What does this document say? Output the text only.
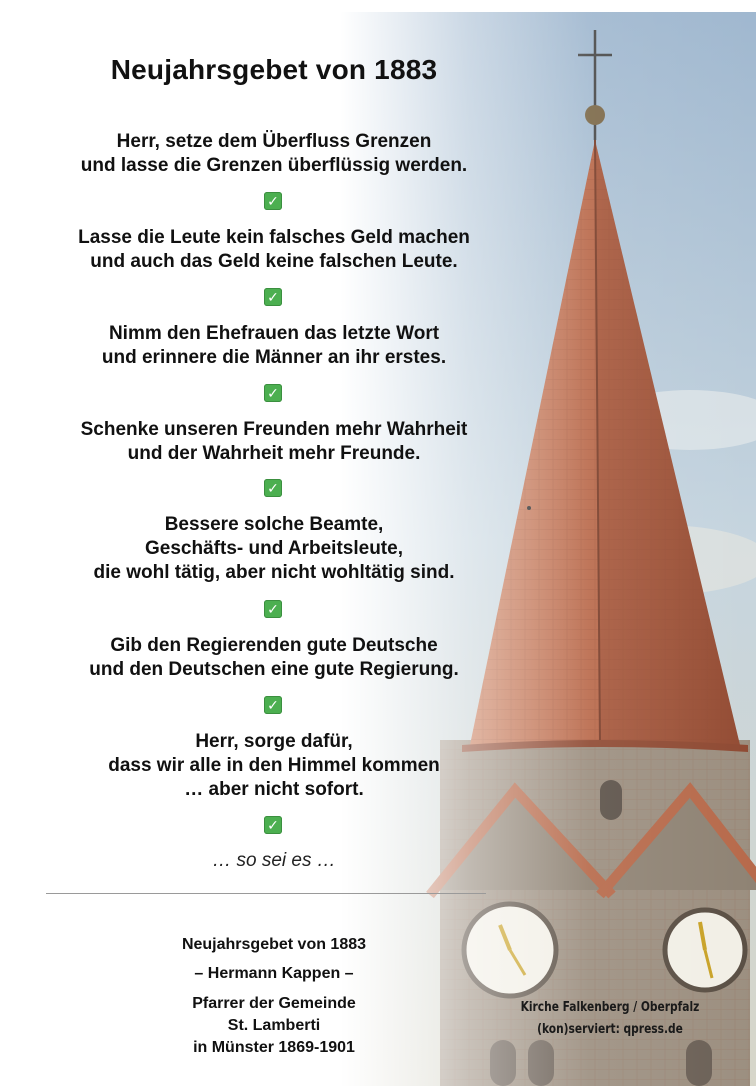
Neujahrsgebet von 1883
Herr, setze dem Überfluss Grenzen
und lasse die Grenzen überflüssig werden.
✓
Lasse die Leute kein falsches Geld machen
und auch das Geld keine falschen Leute.
✓
Nimm den Ehefrauen das letzte Wort
und erinnere die Männer an ihr erstes.
✓
Schenke unseren Freunden mehr Wahrheit
und der Wahrheit mehr Freunde.
✓
Bessere solche Beamte,
Geschäfts- und Arbeitsleute,
die wohl tätig, aber nicht wohltätig sind.
✓
Gib den Regierenden gute Deutsche
und den Deutschen eine gute Regierung.
✓
Herr, sorge dafür,
dass wir alle in den Himmel kommen
… aber nicht sofort.
✓
… so sei es …
Neujahrsgebet von 1883
– Hermann Kappen –
Pfarrer der Gemeinde
St. Lamberti
in Münster 1869-1901
Kirche Falkenberg / Oberpfalz
(kon)serviert: qpress.de
